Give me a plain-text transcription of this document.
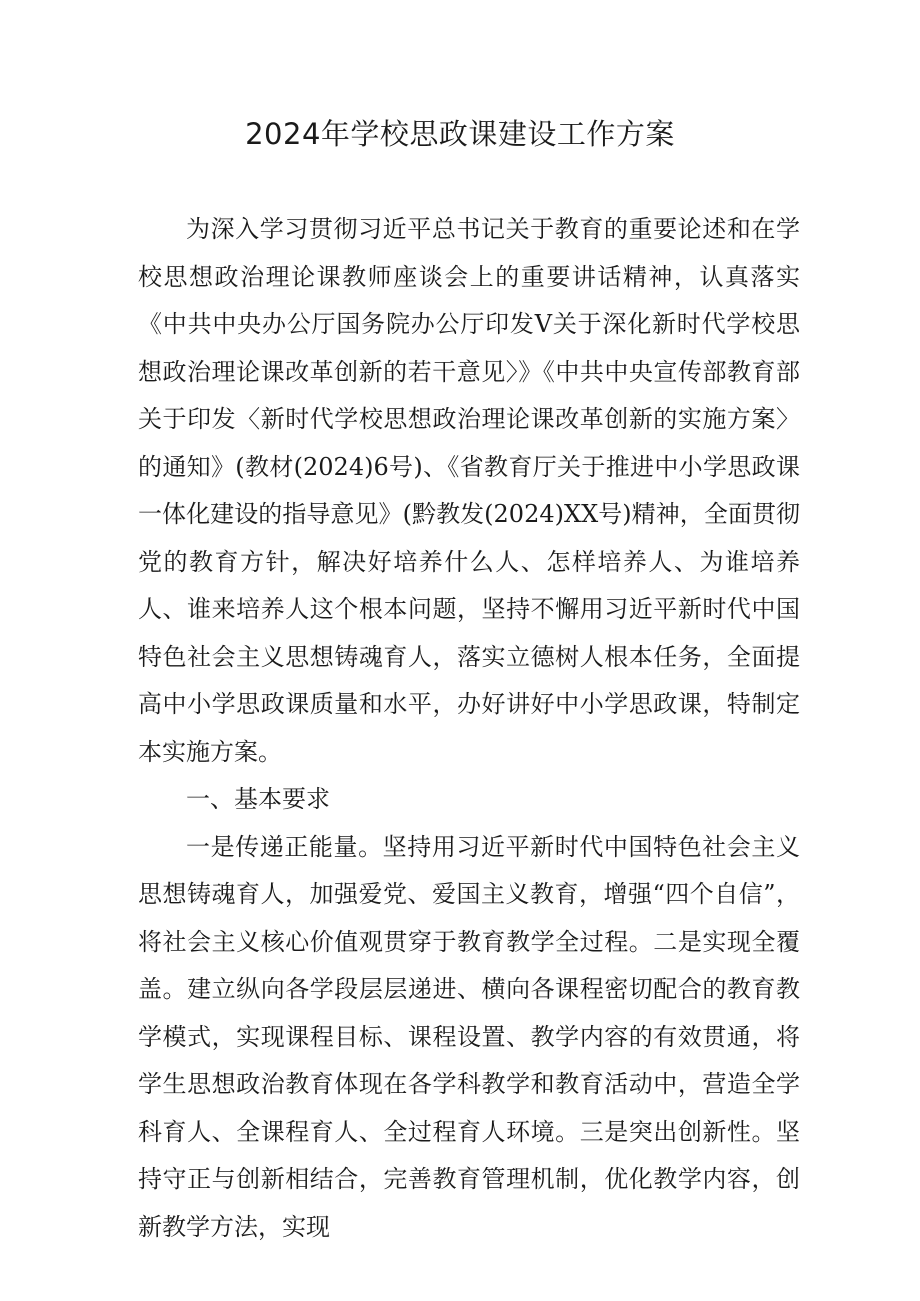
2024年学校思政课建设工作方案

为深入学习贯彻习近平总书记关于教育的重要论述和在学校思想政治理论课教师座谈会上的重要讲话精神，认真落实《中共中央办公厅国务院办公厅印发V关于深化新时代学校思想政治理论课改革创新的若干意见〉》《中共中央宣传部教育部关于印发〈新时代学校思想政治理论课改革创新的实施方案〉的通知》(教材(2024)6号)、《省教育厅关于推进中小学思政课一体化建设的指导意见》(黔教发(2024)XX号)精神，全面贯彻党的教育方针，解决好培养什么人、怎样培养人、为谁培养人、谁来培养人这个根本问题，坚持不懈用习近平新时代中国特色社会主义思想铸魂育人，落实立德树人根本任务，全面提高中小学思政课质量和水平，办好讲好中小学思政课，特制定本实施方案。

一、基本要求

一是传递正能量。坚持用习近平新时代中国特色社会主义思想铸魂育人，加强爱党、爱国主义教育，增强“四个自信”，将社会主义核心价值观贯穿于教育教学全过程。二是实现全覆盖。建立纵向各学段层层递进、横向各课程密切配合的教育教学模式，实现课程目标、课程设置、教学内容的有效贯通，将学生思想政治教育体现在各学科教学和教育活动中，营造全学科育人、全课程育人、全过程育人环境。三是突出创新性。坚持守正与创新相结合，完善教育管理机制，优化教学内容，创新教学方法，实现
